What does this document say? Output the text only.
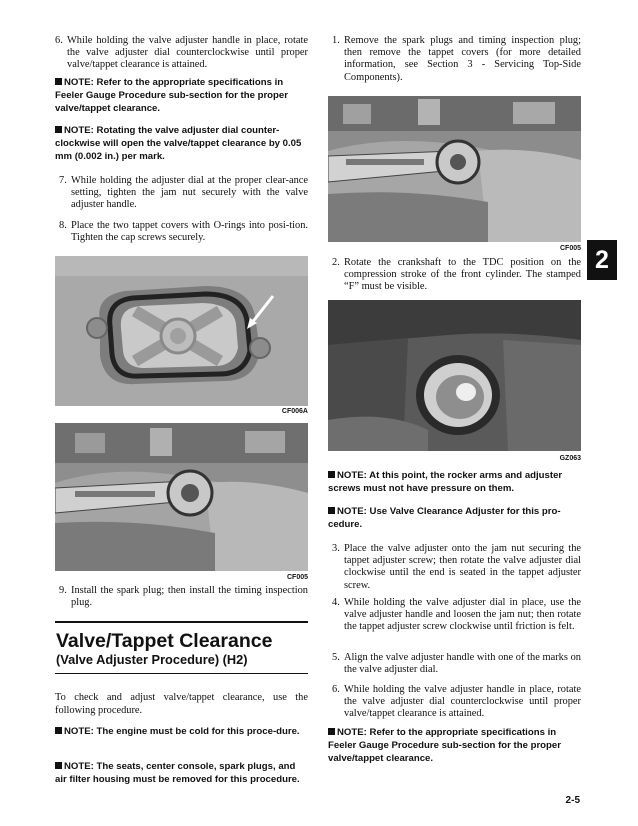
6. While holding the valve adjuster handle in place, rotate the valve adjuster dial counterclockwise until proper valve/tappet clearance is attained.
NOTE: Refer to the appropriate specifications in Feeler Gauge Procedure sub-section for the proper valve/tappet clearance.
NOTE: Rotating the valve adjuster dial counter-clockwise will open the valve/tappet clearance by 0.05 mm (0.002 in.) per mark.
7. While holding the adjuster dial at the proper clear-ance setting, tighten the jam nut securely with the valve adjuster handle.
8. Place the two tappet covers with O-rings into posi-tion. Tighten the cap screws securely.
CF006A
CF005
9. Install the spark plug; then install the timing inspection plug.
Valve/Tappet Clearance
(Valve Adjuster Procedure) (H2)
To check and adjust valve/tappet clearance, use the following procedure.
NOTE: The engine must be cold for this proce-dure.
NOTE: The seats, center console, spark plugs, and air filter housing must be removed for this procedure.
1. Remove the spark plugs and timing inspection plug; then remove the tappet covers (for more detailed information, see Section 3 - Servicing Top-Side Components).
CF005
2. Rotate the crankshaft to the TDC position on the compression stroke of the front cylinder. The stamped “F” must be visible.
GZ063
NOTE: At this point, the rocker arms and adjuster screws must not have pressure on them.
NOTE: Use Valve Clearance Adjuster for this pro-cedure.
3. Place the valve adjuster onto the jam nut securing the tappet adjuster screw; then rotate the valve adjuster dial clockwise until the end is seated in the tappet adjuster screw.
4. While holding the valve adjuster dial in place, use the valve adjuster handle and loosen the jam nut; then rotate the tappet adjuster screw clockwise until friction is felt.
5. Align the valve adjuster handle with one of the marks on the valve adjuster dial.
6. While holding the valve adjuster handle in place, rotate the valve adjuster dial counterclockwise until proper valve/tappet clearance is attained.
NOTE: Refer to the appropriate specifications in Feeler Gauge Procedure sub-section for the proper valve/tappet clearance.
2
2-5
